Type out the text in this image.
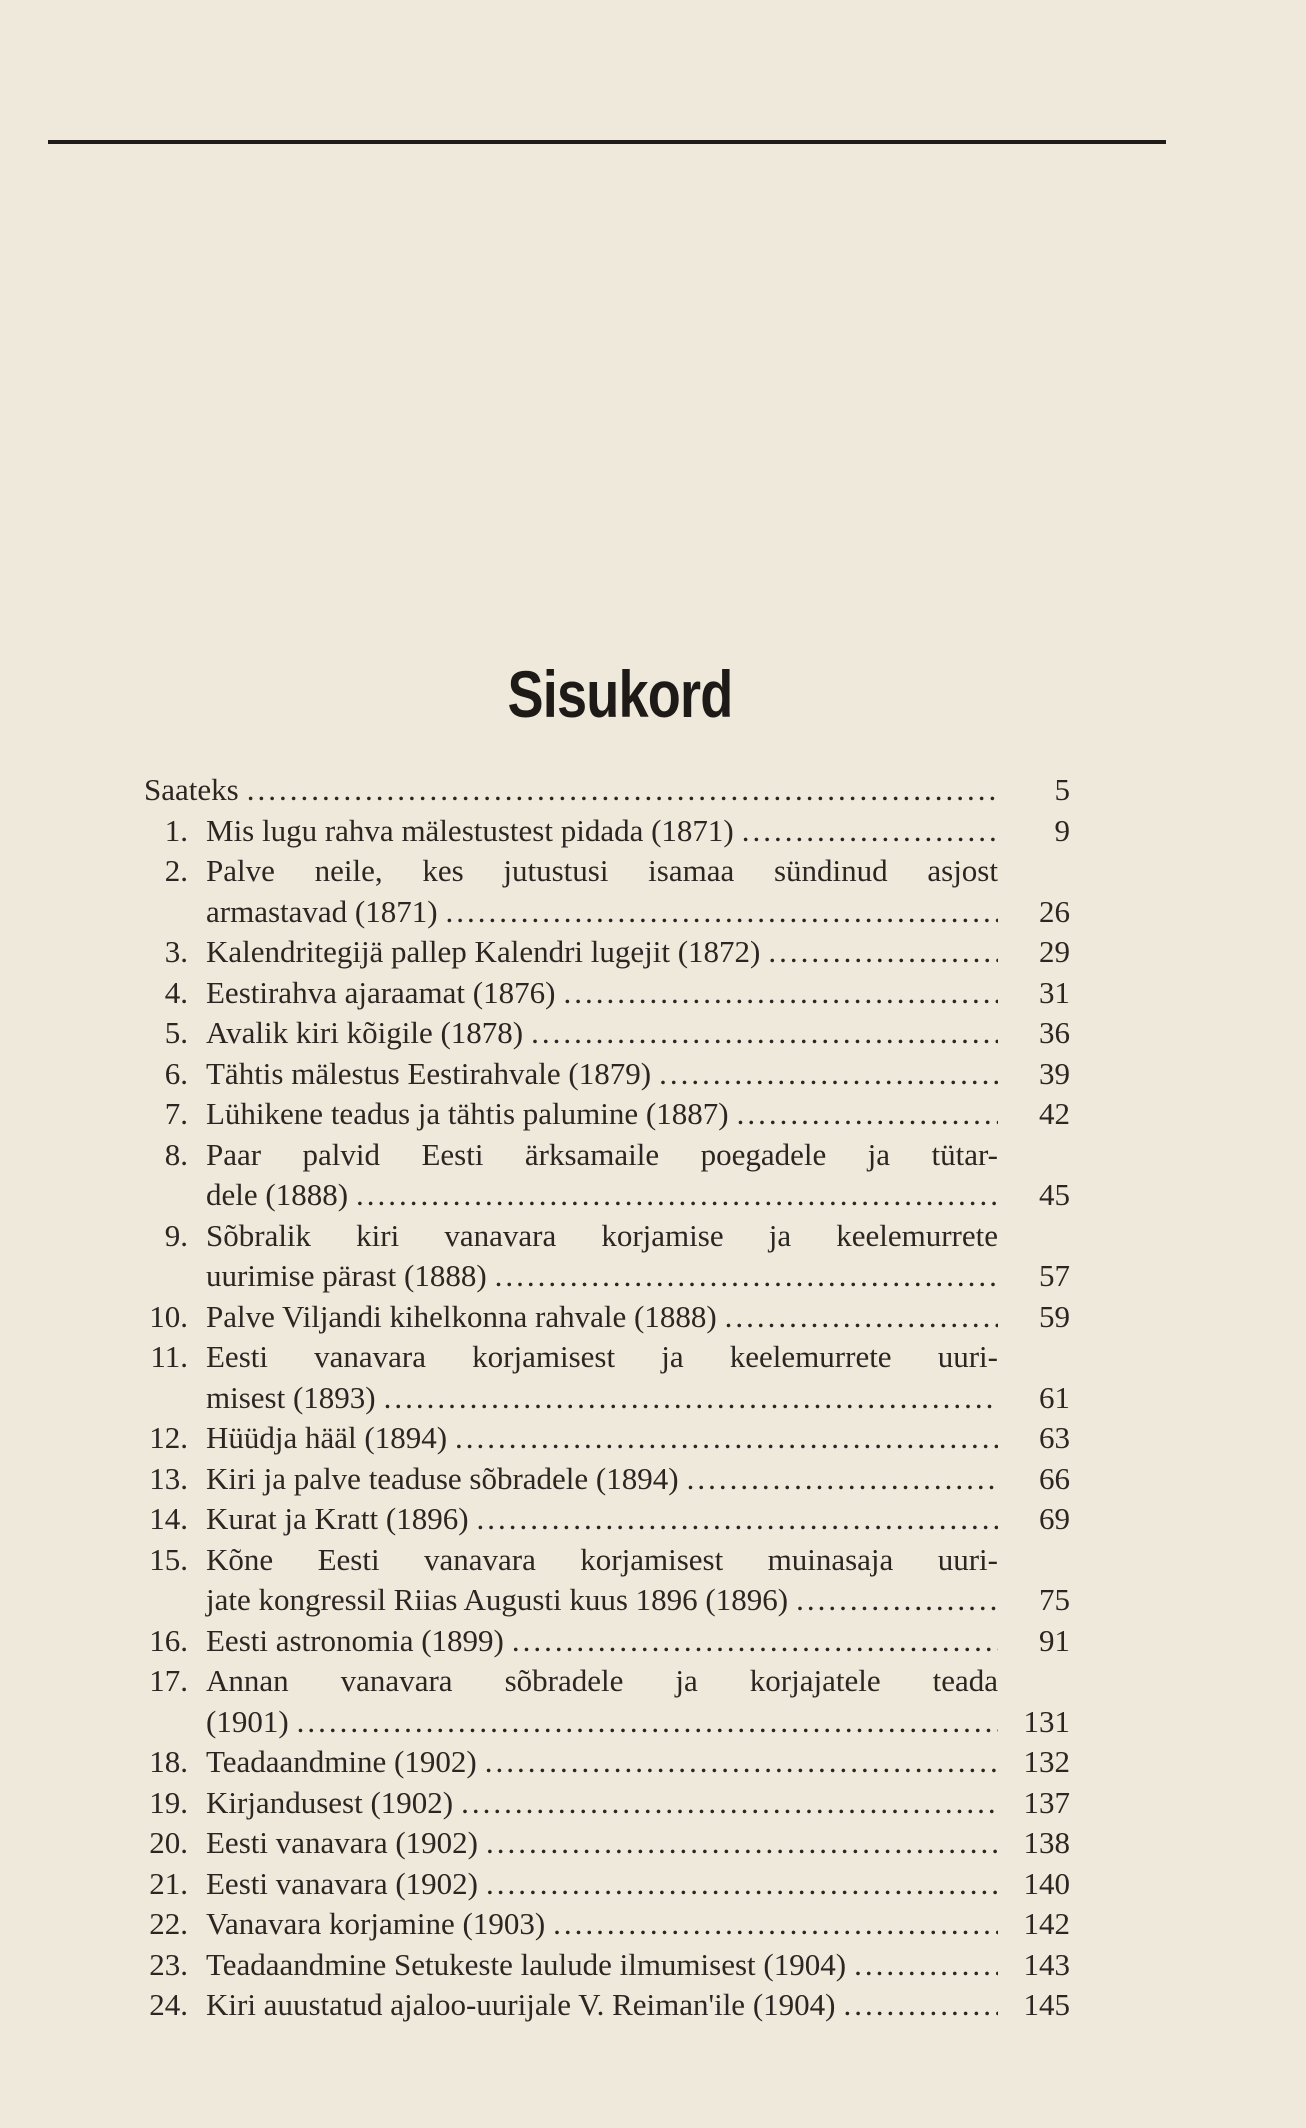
Sisukord
Saateks .....	5
1. Mis lugu rahva mälestustest pidada (1871) .....	9
2. Palve neile, kes jutustusi isamaa sündinud asjost
armastavad (1871) .....	26
3. Kalendritegijä pallep Kalendri lugejit (1872) .....	29
4. Eestirahva ajaraamat (1876) .....	31
5. Avalik kiri kõigile (1878) .....	36
6. Tähtis mälestus Eestirahvale (1879) .....	39
7. Lühikene teadus ja tähtis palumine (1887) .....	42
8. Paar palvid Eesti ärksamaile poegadele ja tütar-
dele (1888) .....	45
9. Sõbralik kiri vanavara korjamise ja keelemurrete
uurimise pärast (1888) .....	57
10. Palve Viljandi kihelkonna rahvale (1888) .....	59
11. Eesti vanavara korjamisest ja keelemurrete uuri-
misest (1893) .....	61
12. Hüüdja hääl (1894) .....	63
13. Kiri ja palve teaduse sõbradele (1894) .....	66
14. Kurat ja Kratt (1896) .....	69
15. Kõne Eesti vanavara korjamisest muinasaja uuri-
jate kongressil Riias Augusti kuus 1896 (1896) .....	75
16. Eesti astronomia (1899) .....	91
17. Annan vanavara sõbradele ja korjajatele teada
(1901) .....	131
18. Teadaandmine (1902) .....	132
19. Kirjandusest (1902) .....	137
20. Eesti vanavara (1902) .....	138
21. Eesti vanavara (1902) .....	140
22. Vanavara korjamine (1903) .....	142
23. Teadaandmine Setukeste laulude ilmumisest (1904) .....	143
24. Kiri auustatud ajaloo-uurijale V. Reiman'ile (1904) .....	145
